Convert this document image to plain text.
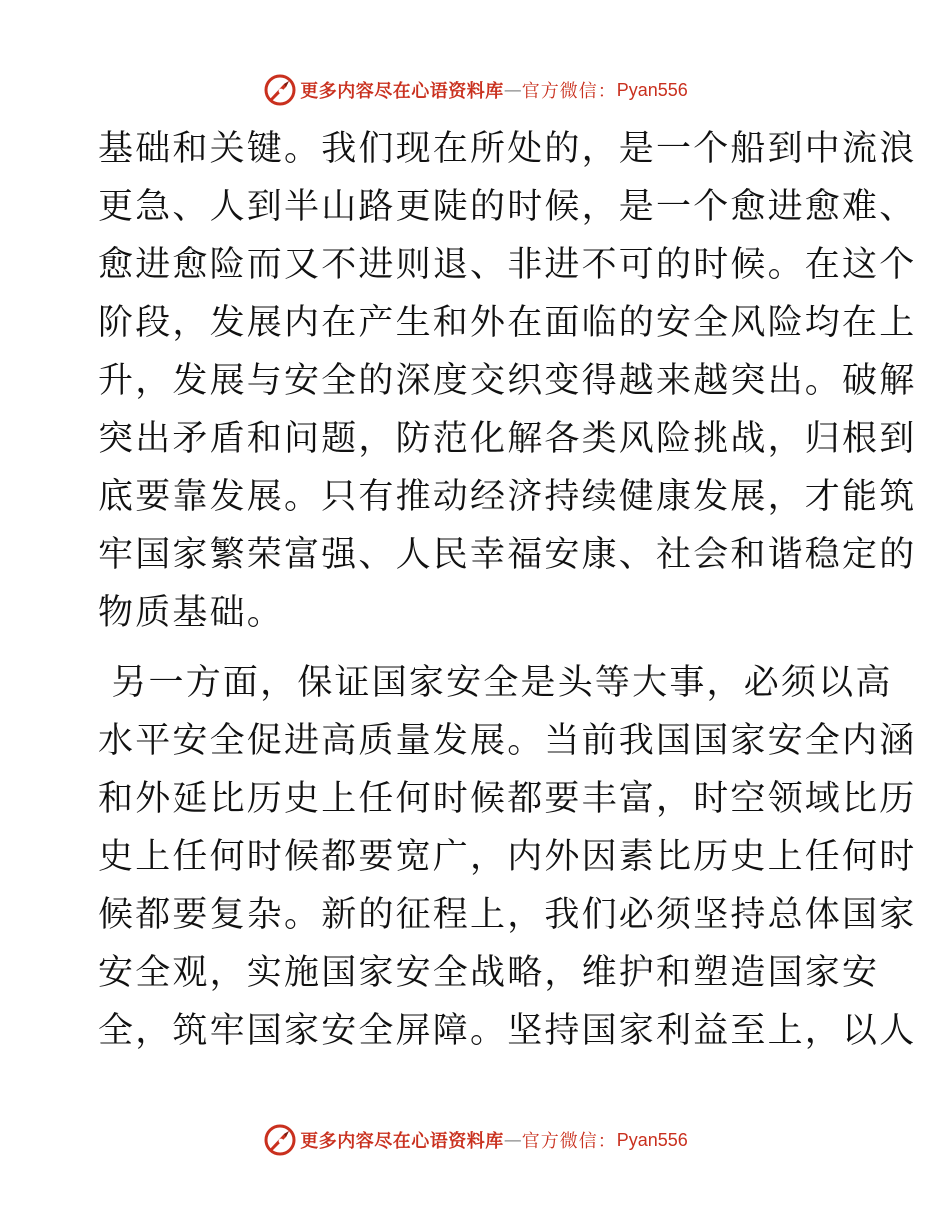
更多内容尽在心语资料库 — 官方微信： Pyan556
基础和关键。我们现在所处的，是一个船到中流浪
更急、人到半山路更陡的时候，是一个愈进愈难、
愈进愈险而又不进则退、非进不可的时候。在这个
阶段，发展内在产生和外在面临的安全风险均在上
升，发展与安全的深度交织变得越来越突出。破解
突出矛盾和问题，防范化解各类风险挑战，归根到
底要靠发展。只有推动经济持续健康发展，才能筑
牢国家繁荣富强、人民幸福安康、社会和谐稳定的
物质基础。
另一方面，保证国家安全是头等大事，必须以高
水平安全促进高质量发展。当前我国国家安全内涵
和外延比历史上任何时候都要丰富，时空领域比历
史上任何时候都要宽广，内外因素比历史上任何时
候都要复杂。新的征程上，我们必须坚持总体国家
安全观，实施国家安全战略，维护和塑造国家安
全，筑牢国家安全屏障。坚持国家利益至上，以人
更多内容尽在心语资料库 — 官方微信： Pyan556
